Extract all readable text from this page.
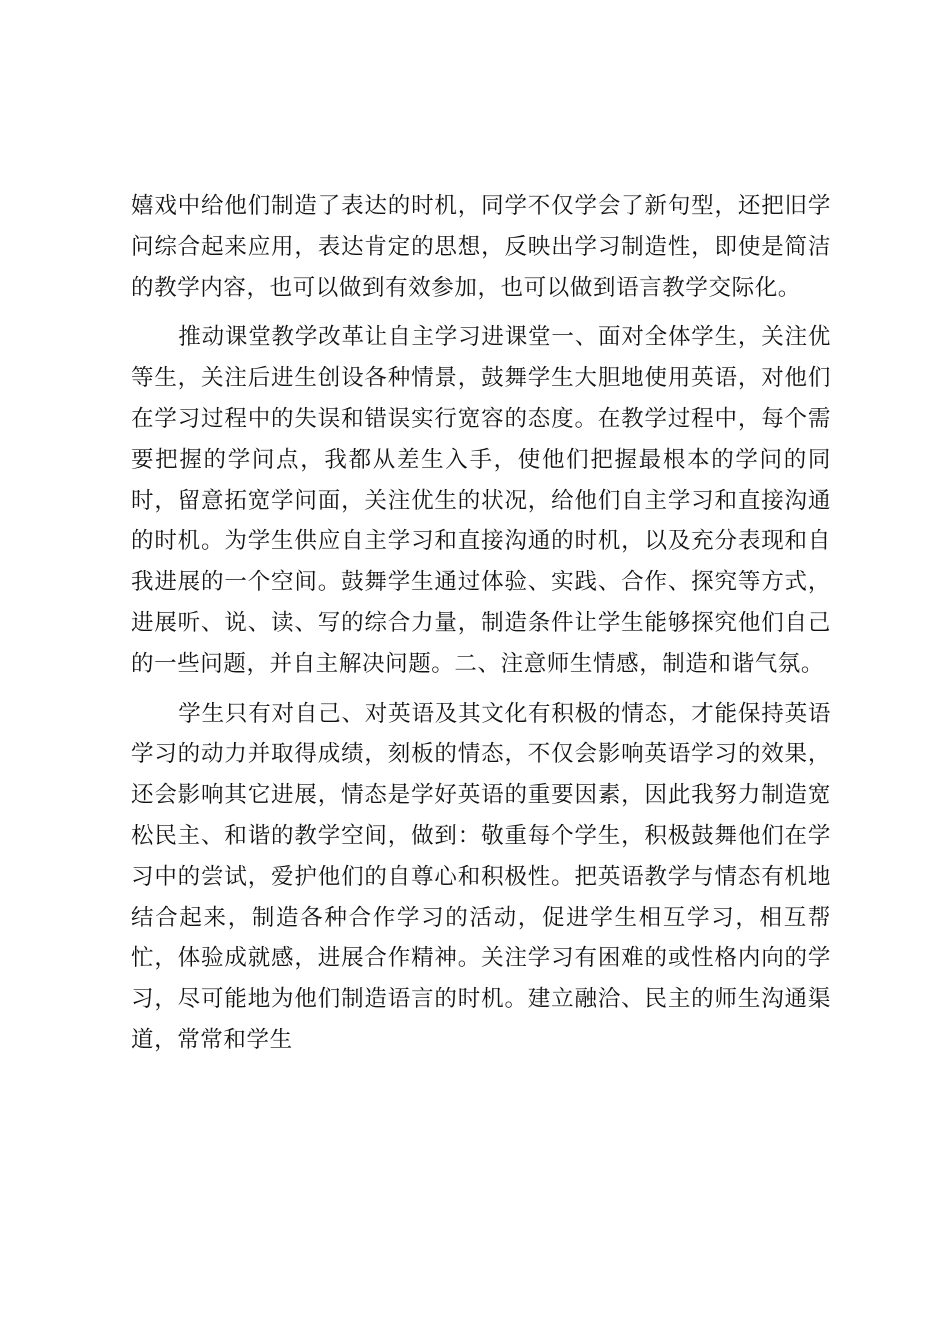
嬉戏中给他们制造了表达的时机，同学不仅学会了新句型，还把旧学问综合起来应用，表达肯定的思想，反映出学习制造性，即使是简洁的教学内容，也可以做到有效参加，也可以做到语言教学交际化。

推动课堂教学改革让自主学习进课堂一、面对全体学生，关注优等生，关注后进生创设各种情景，鼓舞学生大胆地使用英语，对他们在学习过程中的失误和错误实行宽容的态度。在教学过程中，每个需要把握的学问点，我都从差生入手，使他们把握最根本的学问的同时，留意拓宽学问面，关注优生的状况，给他们自主学习和直接沟通的时机。为学生供应自主学习和直接沟通的时机，以及充分表现和自我进展的一个空间。鼓舞学生通过体验、实践、合作、探究等方式，进展听、说、读、写的综合力量，制造条件让学生能够探究他们自己的一些问题，并自主解决问题。二、注意师生情感，制造和谐气氛。

学生只有对自己、对英语及其文化有积极的情态，才能保持英语学习的动力并取得成绩，刻板的情态，不仅会影响英语学习的效果，还会影响其它进展，情态是学好英语的重要因素，因此我努力制造宽松民主、和谐的教学空间，做到：敬重每个学生，积极鼓舞他们在学习中的尝试，爱护他们的自尊心和积极性。把英语教学与情态有机地结合起来，制造各种合作学习的活动，促进学生相互学习，相互帮忙，体验成就感，进展合作精神。关注学习有困难的或性格内向的学习，尽可能地为他们制造语言的时机。建立融洽、民主的师生沟通渠道，常常和学生
